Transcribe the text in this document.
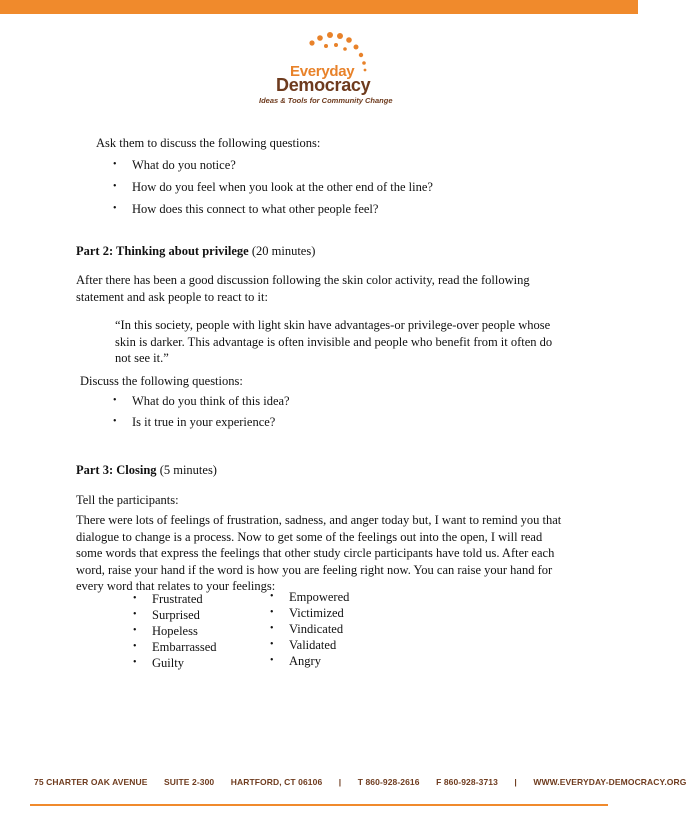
Everyday
Democracy
Ideas & Tools for Community Change
Ask them to discuss the following questions:
• What do you notice?
• How do you feel when you look at the other end of the line?
• How does this connect to what other people feel?
Part 2: Thinking about privilege (20 minutes)
After there has been a good discussion following the skin color activity, read the following statement and ask people to react to it:
“In this society, people with light skin have advantages-or privilege-over people whose skin is darker. This advantage is often invisible and people who benefit from it often do not see it.”
Discuss the following questions:
• What do you think of this idea?
• Is it true in your experience?
Part 3: Closing (5 minutes)
Tell the participants:
There were lots of feelings of frustration, sadness, and anger today but, I want to remind you that dialogue to change is a process. Now to get some of the feelings out into the open, I will read some words that express the feelings that other study circle participants have told us. After each word, raise your hand if the word is how you are feeling right now. You can raise your hand for every word that relates to your feelings:
• Frustrated
• Surprised
• Hopeless
• Embarrassed
• Guilty
• Empowered
• Victimized
• Vindicated
• Validated
• Angry
75 CHARTER OAK AVENUE SUITE 2-300 HARTFORD, CT 06106 | T 860-928-2616 F 860-928-3713 | WWW.EVERYDAY-DEMOCRACY.ORG
